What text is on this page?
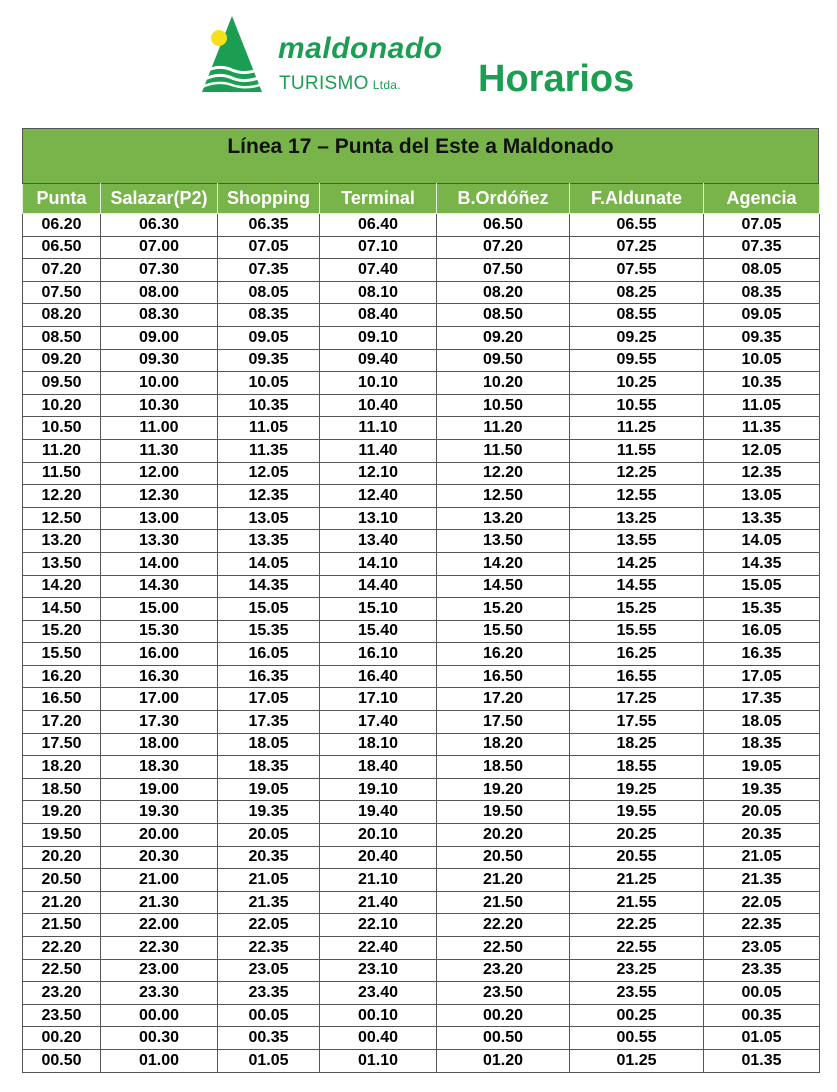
maldonado
TURISMO Ltda. Horarios
Línea 17 – Punta del Este a Maldonado
Punta	Salazar(P2)	Shopping	Terminal	B.Ordóñez	F.Aldunate	Agencia
06.20	06.30	06.35	06.40	06.50	06.55	07.05
06.50	07.00	07.05	07.10	07.20	07.25	07.35
07.20	07.30	07.35	07.40	07.50	07.55	08.05
07.50	08.00	08.05	08.10	08.20	08.25	08.35
08.20	08.30	08.35	08.40	08.50	08.55	09.05
08.50	09.00	09.05	09.10	09.20	09.25	09.35
09.20	09.30	09.35	09.40	09.50	09.55	10.05
09.50	10.00	10.05	10.10	10.20	10.25	10.35
10.20	10.30	10.35	10.40	10.50	10.55	11.05
10.50	11.00	11.05	11.10	11.20	11.25	11.35
11.20	11.30	11.35	11.40	11.50	11.55	12.05
11.50	12.00	12.05	12.10	12.20	12.25	12.35
12.20	12.30	12.35	12.40	12.50	12.55	13.05
12.50	13.00	13.05	13.10	13.20	13.25	13.35
13.20	13.30	13.35	13.40	13.50	13.55	14.05
13.50	14.00	14.05	14.10	14.20	14.25	14.35
14.20	14.30	14.35	14.40	14.50	14.55	15.05
14.50	15.00	15.05	15.10	15.20	15.25	15.35
15.20	15.30	15.35	15.40	15.50	15.55	16.05
15.50	16.00	16.05	16.10	16.20	16.25	16.35
16.20	16.30	16.35	16.40	16.50	16.55	17.05
16.50	17.00	17.05	17.10	17.20	17.25	17.35
17.20	17.30	17.35	17.40	17.50	17.55	18.05
17.50	18.00	18.05	18.10	18.20	18.25	18.35
18.20	18.30	18.35	18.40	18.50	18.55	19.05
18.50	19.00	19.05	19.10	19.20	19.25	19.35
19.20	19.30	19.35	19.40	19.50	19.55	20.05
19.50	20.00	20.05	20.10	20.20	20.25	20.35
20.20	20.30	20.35	20.40	20.50	20.55	21.05
20.50	21.00	21.05	21.10	21.20	21.25	21.35
21.20	21.30	21.35	21.40	21.50	21.55	22.05
21.50	22.00	22.05	22.10	22.20	22.25	22.35
22.20	22.30	22.35	22.40	22.50	22.55	23.05
22.50	23.00	23.05	23.10	23.20	23.25	23.35
23.20	23.30	23.35	23.40	23.50	23.55	00.05
23.50	00.00	00.05	00.10	00.20	00.25	00.35
00.20	00.30	00.35	00.40	00.50	00.55	01.05
00.50	01.00	01.05	01.10	01.20	01.25	01.35
